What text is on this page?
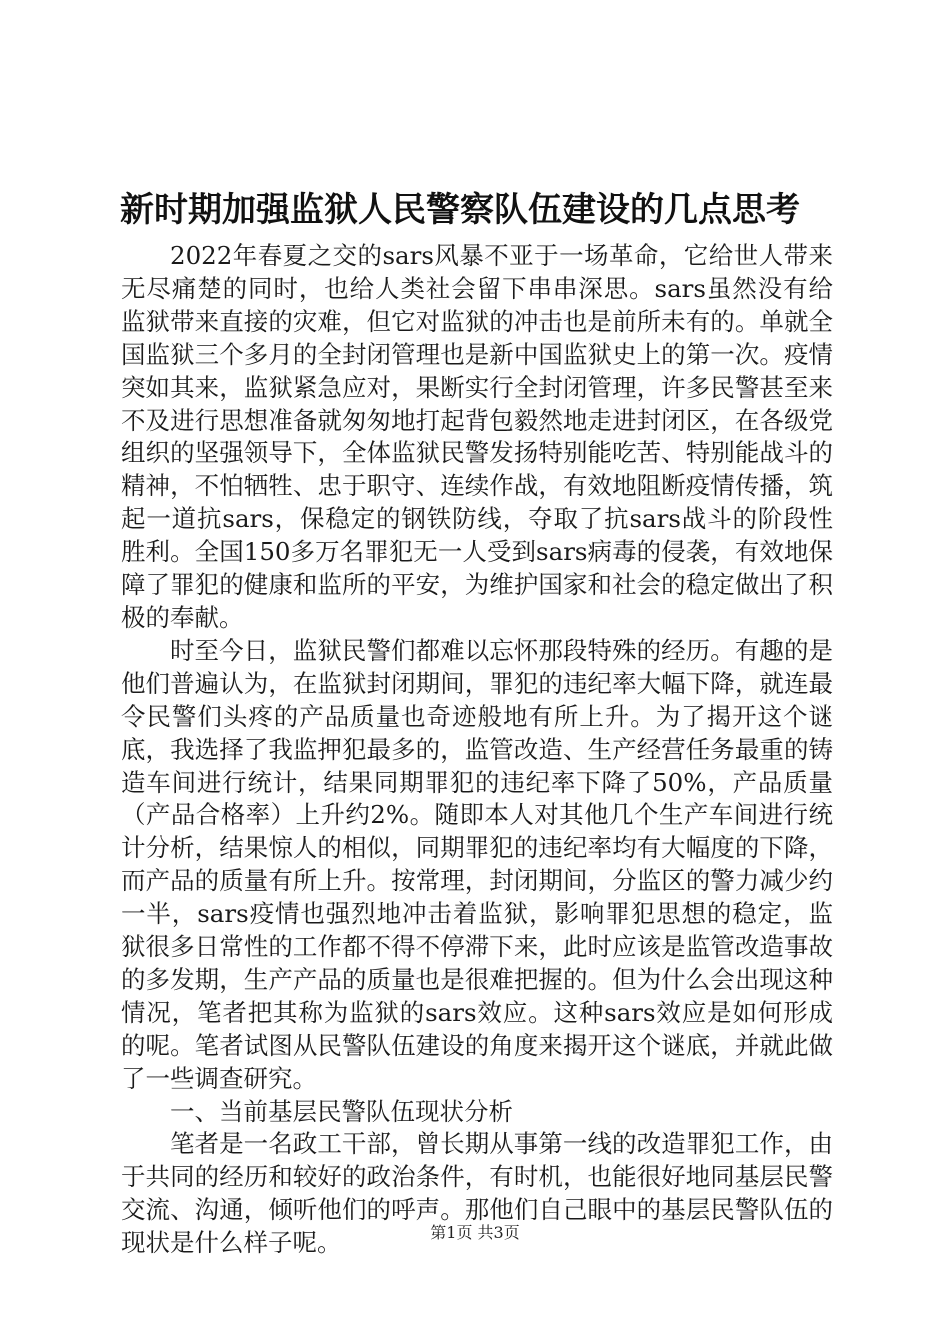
新时期加强监狱人民警察队伍建设的几点思考

2022年春夏之交的sars风暴不亚于一场革命，它给世人带来无尽痛楚的同时，也给人类社会留下串串深思。sars虽然没有给监狱带来直接的灾难，但它对监狱的冲击也是前所未有的。单就全国监狱三个多月的全封闭管理也是新中国监狱史上的第一次。疫情突如其来，监狱紧急应对，果断实行全封闭管理，许多民警甚至来不及进行思想准备就匆匆地打起背包毅然地走进封闭区，在各级党组织的坚强领导下，全体监狱民警发扬特别能吃苦、特别能战斗的精神，不怕牺牲、忠于职守、连续作战，有效地阻断疫情传播，筑起一道抗sars，保稳定的钢铁防线，夺取了抗sars战斗的阶段性胜利。全国150多万名罪犯无一人受到sars病毒的侵袭，有效地保障了罪犯的健康和监所的平安，为维护国家和社会的稳定做出了积极的奉献。

时至今日，监狱民警们都难以忘怀那段特殊的经历。有趣的是他们普遍认为，在监狱封闭期间，罪犯的违纪率大幅下降，就连最令民警们头疼的产品质量也奇迹般地有所上升。为了揭开这个谜底，我选择了我监押犯最多的，监管改造、生产经营任务最重的铸造车间进行统计，结果同期罪犯的违纪率下降了50%，产品质量（产品合格率）上升约2%。随即本人对其他几个生产车间进行统计分析，结果惊人的相似，同期罪犯的违纪率均有大幅度的下降，而产品的质量有所上升。按常理，封闭期间，分监区的警力减少约一半，sars疫情也强烈地冲击着监狱，影响罪犯思想的稳定，监狱很多日常性的工作都不得不停滞下来，此时应该是监管改造事故的多发期，生产产品的质量也是很难把握的。但为什么会出现这种情况，笔者把其称为监狱的sars效应。这种sars效应是如何形成的呢。笔者试图从民警队伍建设的角度来揭开这个谜底，并就此做了一些调查研究。

一、当前基层民警队伍现状分析

笔者是一名政工干部，曾长期从事第一线的改造罪犯工作，由于共同的经历和较好的政治条件，有时机，也能很好地同基层民警交流、沟通，倾听他们的呼声。那他们自己眼中的基层民警队伍的现状是什么样子呢。	第1页 共3页
